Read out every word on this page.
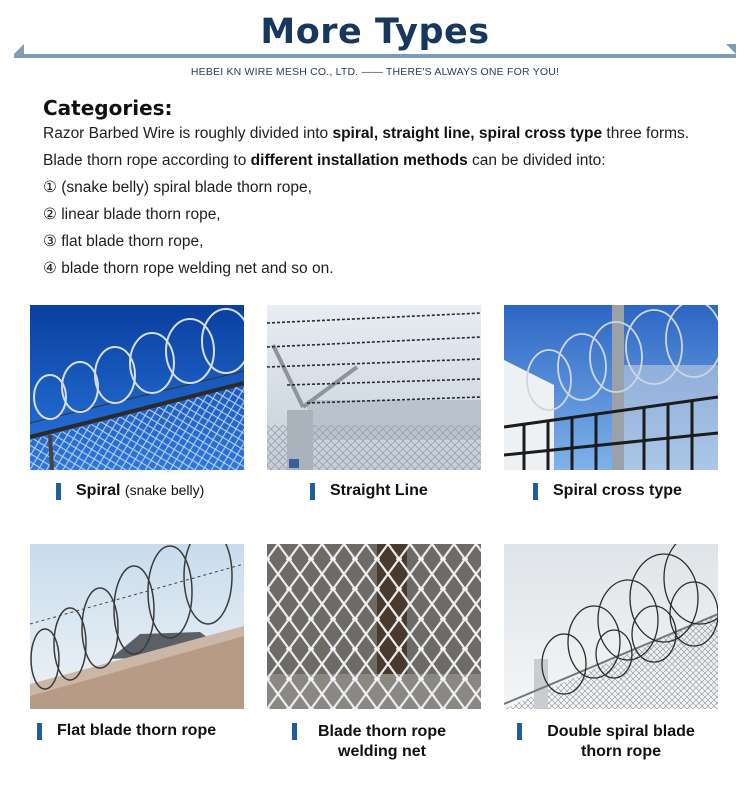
More Types
HEBEI KN WIRE MESH CO., LTD. —— THERE'S ALWAYS ONE FOR YOU!
Categories:
Razor Barbed Wire is roughly divided into spiral, straight line, spiral cross type three forms.
Blade thorn rope according to different installation methods can be divided into:
① (snake belly) spiral blade thorn rope,
② linear blade thorn rope,
③ flat blade thorn rope,
④ blade thorn rope welding net and so on.
Spiral (snake belly)	Straight Line	Spiral cross type
Flat blade thorn rope	Blade thorn rope
welding net
Double spiral blade
thorn rope
